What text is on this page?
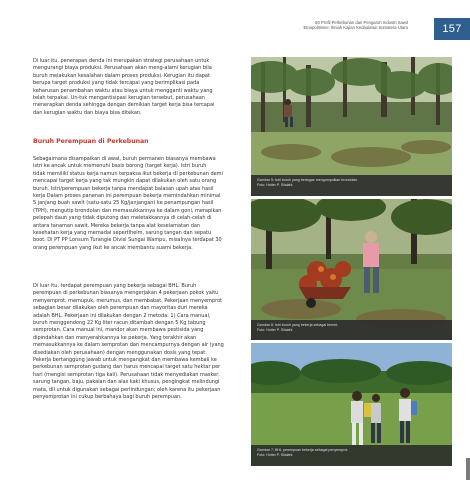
50 Profil Perkebunan dan Pengaruh Industri Sawit
Etnopolitisme: Ilmiah Kajian Kedaulatan Sumatera Utara	157
Di luar itu, penerapan denda ini merupakan strategi perusahaan untuk
mengurangi biaya produksi. Perusahaan akan meng-alami kerugian bila
buruh melakukan kesalahan dalam proses produksi. Kerugian itu dapat
berupa target produksi yang tidak tercapai yang berimplikasi pada
keharusan penambahan waktu atau biaya untuk mengganti waktu yang
telah terpakai. Un-tuk mengantisipasi kerugian tersebut, perusahaan
menerapkan denda sehingga dengan demikian target kerja bisa tercapai
dan kerugian waktu dan biaya bisa ditekan.
Buruh Perempuan di Perkebunan
Sebagaimana disampaikan di awal, buruh permanen biasanya membawa
istri ke ancak untuk memenuhi basis borong (target kerja). Istri buruh
tidak memiliki status kerja namun terpaksa ikut bekerja di perkebunan demi
mencapai target kerja yang tak mungkin dapat dilakukan oleh satu orang
buruh. Istri/perempuan bekerja tanpa mendapat balasan upah atas hasil
kerja Dalam proses panenan ini perempuan bekerja memindahkan minimal
5 janjang buah sawit (satu-satu 25 Kg/janjangan) ke penampungan hasil
(TPH), mengutip brondolan dan memasukkannya ke dalam goni, merapikan
pelepah daun yang tidak diputong dan meletakkannya di celah-celah di
antara tanaman sawit. Mereka bekerja tanpa alat keselamatan dan
kesehatan kerja yang memadai sepertihelm, sarung tangan dan sepatu
boot. Di PT PP Lonsum Turangie Divisi Sungai Wampu, misalnya terdapat 30
orang perempuan yang ikut ke ancak membantu suami bekerja.
Di luar itu, terdapat perempuan yang bekerja sebagai BHL. Buruh
perempuan di perkebunan biasanya mengerjakan 4 pekerjaan pokok yaitu
menyemprot, memupuk, merumus, dan membabat. Pekerjaan menyemprot
sebagian besar dilakukan oleh perempuan dan mayoritas duri mereka
adalah BHL. Pekerjaan ini dilakukan dengan 2 metoda: 1) Cara manual,
buruh menggendong 22 Kg liter racun ditambah dengan 5 Kg tabung
semprotan. Cara manual ini, mandor akan membawa pestisida yang
dipindahkan dan menyerahkannya ke pekerja. Yang terakhir akan
memasukkannya ke dalam semprotan dan mencampurnya dengan air (yang
disediakan oleh perusahaan) dengan menggunakan dosis yang tepat.
Pekerja bertanggung jawab untuk mengangkat dan membawa kembali ke
perkebunan semprotan gudang dan harus mencapai target satu hektar per
hari (mengisi semprotan tiga kali). Perusahaan tidak menyediakan masker,
sarung tangan, baju, pakaian dan alas kaki khusus, pengingkat melindungi
mata, dll untuk digunakan sebagai perlindungan; oleh karena itu pekerjaan
penyemprotan ini cukup berbahaya bagi buruh perempuan.
Gambar 5: Istri buruh yang bertugas mengumpulkan brondolan.
Foto: Hotler P. Silalahi.
Gambar 6: Istri buruh yang bekerja sebagai kernet.
Foto: Hotler P. Silalahi.
Gambar 7: BHL perempuan bekerja sebagai penyemprot.
Foto: Hotler P. Silalahi.
